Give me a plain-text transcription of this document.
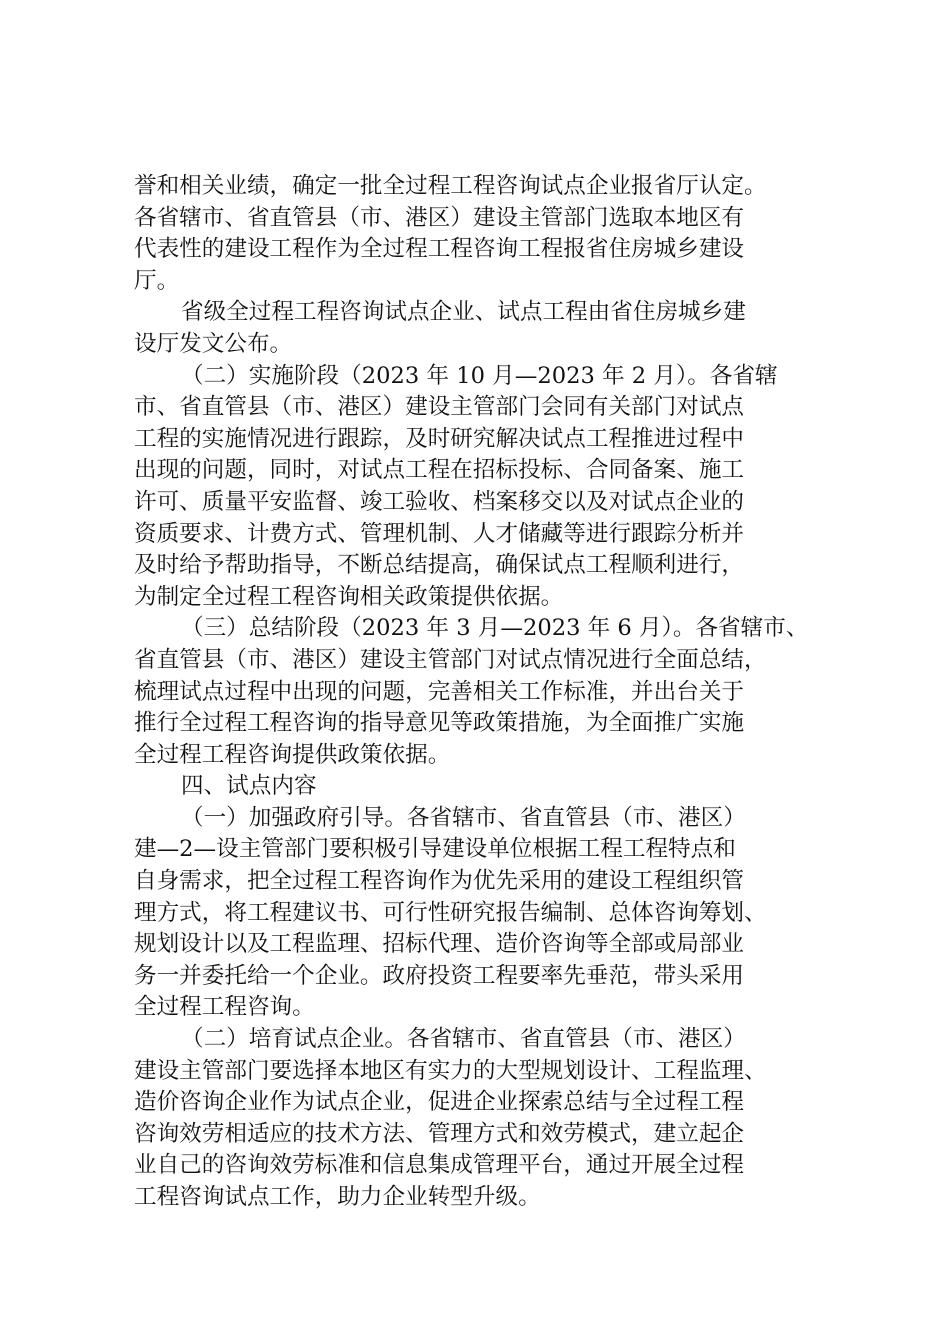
誉和相关业绩，确定一批全过程工程咨询试点企业报省厅认定。
各省辖市、省直管县（市、港区）建设主管部门选取本地区有
代表性的建设工程作为全过程工程咨询工程报省住房城乡建设
厅。
省级全过程工程咨询试点企业、试点工程由省住房城乡建
设厅发文公布。
（二）实施阶段（2023 年 10 月—2023 年 2 月）。各省辖
市、省直管县（市、港区）建设主管部门会同有关部门对试点
工程的实施情况进行跟踪，及时研究解决试点工程推进过程中
出现的问题，同时，对试点工程在招标投标、合同备案、施工
许可、质量平安监督、竣工验收、档案移交以及对试点企业的
资质要求、计费方式、管理机制、人才储藏等进行跟踪分析并
及时给予帮助指导，不断总结提高，确保试点工程顺利进行，
为制定全过程工程咨询相关政策提供依据。
（三）总结阶段（2023 年 3 月—2023 年 6 月）。各省辖市、
省直管县（市、港区）建设主管部门对试点情况进行全面总结，
梳理试点过程中出现的问题，完善相关工作标准，并出台关于
推行全过程工程咨询的指导意见等政策措施，为全面推广实施
全过程工程咨询提供政策依据。
四、试点内容
（一）加强政府引导。各省辖市、省直管县（市、港区）
建—2—设主管部门要积极引导建设单位根据工程工程特点和
自身需求，把全过程工程咨询作为优先采用的建设工程组织管
理方式，将工程建议书、可行性研究报告编制、总体咨询筹划、
规划设计以及工程监理、招标代理、造价咨询等全部或局部业
务一并委托给一个企业。政府投资工程要率先垂范，带头采用
全过程工程咨询。
（二）培育试点企业。各省辖市、省直管县（市、港区）
建设主管部门要选择本地区有实力的大型规划设计、工程监理、
造价咨询企业作为试点企业，促进企业探索总结与全过程工程
咨询效劳相适应的技术方法、管理方式和效劳模式，建立起企
业自己的咨询效劳标准和信息集成管理平台，通过开展全过程
工程咨询试点工作，助力企业转型升级。
